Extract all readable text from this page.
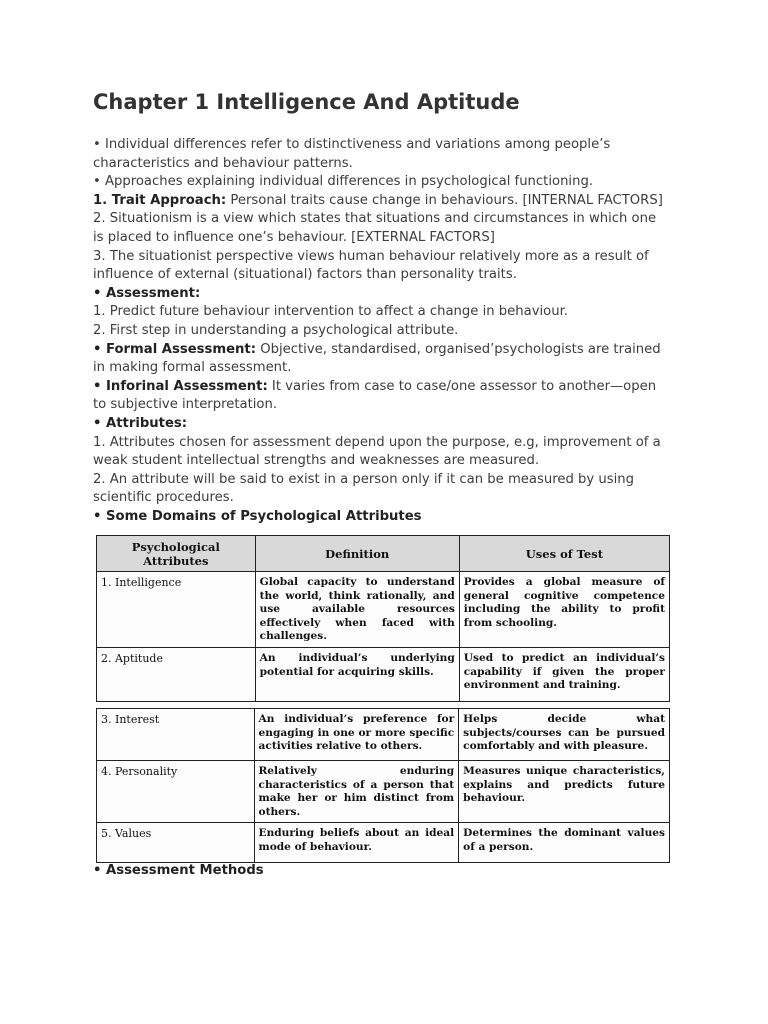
Chapter 1 Intelligence And Aptitude

• Individual differences refer to distinctiveness and variations among people’s characteristics and behaviour patterns.

• Approaches explaining individual differences in psychological functioning.

1. Trait Approach: Personal traits cause change in behaviours. [INTERNAL FACTORS]

2. Situationism is a view which states that situations and circumstances in which one is placed to influence one’s behaviour. [EXTERNAL FACTORS]

3. The situationist perspective views human behaviour relatively more as a result of influence of external (situational) factors than personality traits.

• Assessment:

1. Predict future behaviour intervention to affect a change in behaviour.

2. First step in understanding a psychological attribute.

• Formal Assessment: Objective, standardised, organised’psychologists are trained in making formal assessment.

• Inforinal Assessment: It varies from case to case/one assessor to another—open to subjective interpretation.

• Attributes:

1. Attributes chosen for assessment depend upon the purpose, e.g, improvement of a weak student intellectual strengths and weaknesses are measured.

2. An attribute will be said to exist in a person only if it can be measured by using scientific procedures.

• Some Domains of Psychological Attributes

Psychological Attributes	Definition	Uses of Test
1. Intelligence	Global capacity to understand the world, think rationally, and use available resources effectively when faced with challenges.	Provides a global measure of general cognitive competence including the ability to profit from schooling.
2. Aptitude	An individual’s underlying potential for acquiring skills.	Used to predict an individual’s capability if given the proper environment and training.
3. Interest	An individual’s preference for engaging in one or more specific activities relative to others.	Helps decide what subjects/courses can be pursued comfortably and with pleasure.
4. Personality	Relatively enduring characteristics of a person that make her or him distinct from others.	Measures unique characteristics, explains and predicts future behaviour.
5. Values	Enduring beliefs about an ideal mode of behaviour.	Determines the dominant values of a person.

• Assessment Methods
